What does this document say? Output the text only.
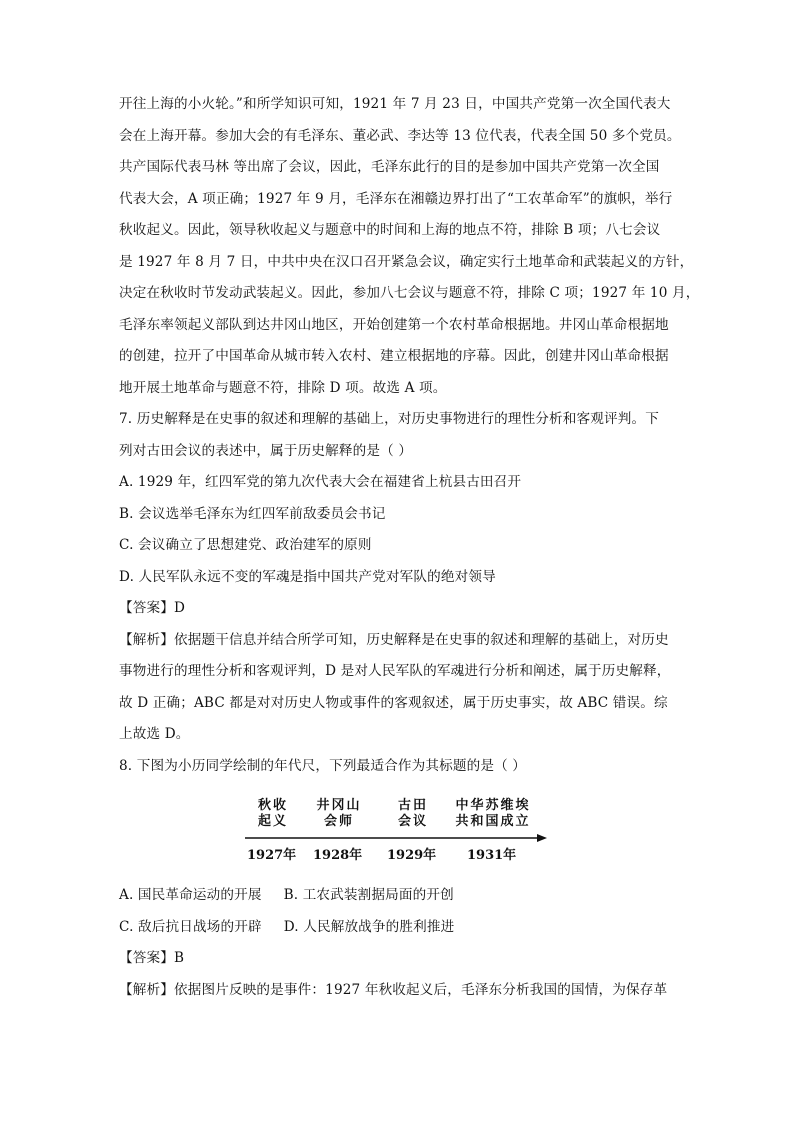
开往上海的小火轮。”和所学知识可知，1921 年 7 月 23 日，中国共产党第一次全国代表大
会在上海开幕。参加大会的有毛泽东、董必武、李达等 13 位代表，代表全国 50 多个党员。
共产国际代表马林 等出席了会议，因此，毛泽东此行的目的是参加中国共产党第一次全国
代表大会，A 项正确；1927 年 9 月，毛泽东在湘赣边界打出了“工农革命军”的旗帜，举行
秋收起义。因此，领导秋收起义与题意中的时间和上海的地点不符，排除 B 项；八七会议
是 1927 年 8 月 7 日，中共中央在汉口召开紧急会议，确定实行土地革命和武装起义的方针，
决定在秋收时节发动武装起义。因此，参加八七会议与题意不符，排除 C 项；1927 年 10 月，
毛泽东率领起义部队到达井冈山地区，开始创建第一个农村革命根据地。井冈山革命根据地
的创建，拉开了中国革命从城市转入农村、建立根据地的序幕。因此，创建井冈山革命根据
地开展土地革命与题意不符，排除 D 项。故选 A 项。
7. 历史解释是在史事的叙述和理解的基础上，对历史事物进行的理性分析和客观评判。下
列对古田会议的表述中，属于历史解释的是（ ）
A. 1929 年，红四军党的第九次代表大会在福建省上杭县古田召开
B. 会议选举毛泽东为红四军前敌委员会书记
C. 会议确立了思想建党、政治建军的原则
D. 人民军队永远不变的军魂是指中国共产党对军队的绝对领导
【答案】D
【解析】依据题干信息并结合所学可知，历史解释是在史事的叙述和理解的基础上，对历史
事物进行的理性分析和客观评判，D 是对人民军队的军魂进行分析和阐述，属于历史解释，
故 D 正确；ABC 都是对对历史人物或事件的客观叙述，属于历史事实，故 ABC 错误。综
上故选 D。
8. 下图为小历同学绘制的年代尺，下列最适合作为其标题的是（ ）
秋收
起义
井冈山
会师
古田
会议
中华苏维埃
共和国成立
1927年 1928年 1929年 1931年
A. 国民革命运动的开展 B. 工农武装割据局面的开创
C. 敌后抗日战场的开辟 D. 人民解放战争的胜利推进
【答案】B
【解析】依据图片反映的是事件：1927 年秋收起义后，毛泽东分析我国的国情，为保存革
